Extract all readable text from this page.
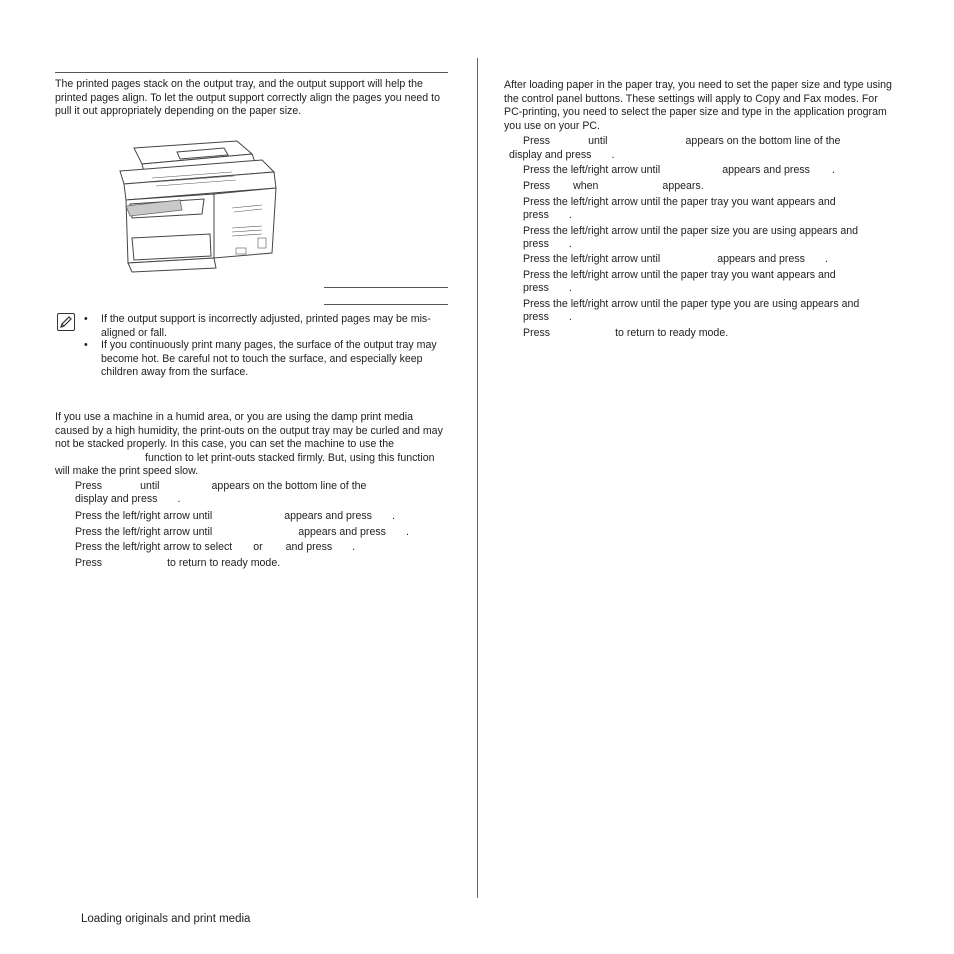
The printed pages stack on the output tray, and the output support will help the printed pages align. To let the output support correctly align the pages you need to pull it out appropriately depending on the paper size.
• If the output support is incorrectly adjusted, printed pages may be mis-aligned or fall.
• If you continuously print many pages, the surface of the output tray may become hot. Be careful not to touch the surface, and especially keep children away from the surface.
If you use a machine in a humid area, or you are using the damp print media caused by a high humidity, the print-outs on the output tray may be curled and may not be stacked properly. In this case, you can set the machine to use thefunction to let print-outs stacked firmly. But, using this function will make the print speed slow.
Press	until	appears on the bottom line of the
display and press .
Press the left/right arrow until	appears and press .
Press the left/right arrow until	appears and press .
Press the left/right arrow to select or and press .
Press	to return to ready mode.
After loading paper in the paper tray, you need to set the paper size and type using the control panel buttons. These settings will apply to Copy and Fax modes. For PC-printing, you need to select the paper size and type in the application program you use on your PC.
Press	until	appears on the bottom line of the
display and press .
Press the left/right arrow until	appears and press .
Press when	appears.
Press the left/right arrow until the paper tray you want appears and
press .
Press the left/right arrow until the paper size you are using appears and
press .
Press the left/right arrow until	appears and press .
Press the left/right arrow until the paper tray you want appears and
press .
Press the left/right arrow until the paper type you are using appears and
press .
Press	to return to ready mode.
Loading originals and print media
